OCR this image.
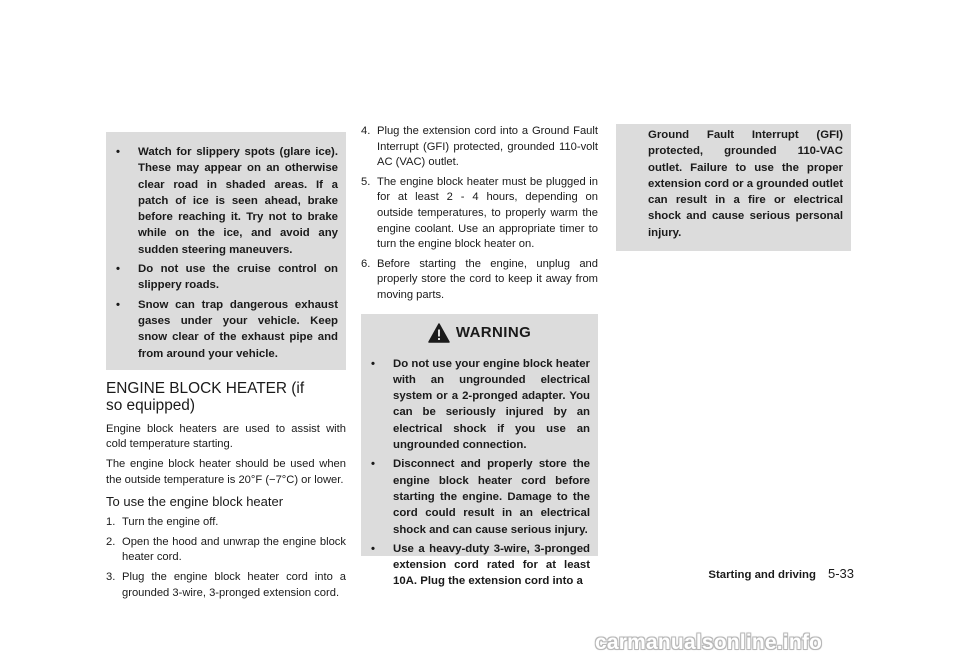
• Watch for slippery spots (glare ice). These may appear on an otherwise clear road in shaded areas. If a patch of ice is seen ahead, brake before reaching it. Try not to brake while on the ice, and avoid any sudden steering maneuvers.
• Do not use the cruise control on slippery roads.
• Snow can trap dangerous exhaust gases under your vehicle. Keep snow clear of the exhaust pipe and from around your vehicle.
ENGINE BLOCK HEATER (if so equipped)
Engine block heaters are used to assist with cold temperature starting.
The engine block heater should be used when the outside temperature is 20°F (−7°C) or lower.
To use the engine block heater
1. Turn the engine off.
2. Open the hood and unwrap the engine block heater cord.
3. Plug the engine block heater cord into a grounded 3-wire, 3-pronged extension cord.
4. Plug the extension cord into a Ground Fault Interrupt (GFI) protected, grounded 110-volt AC (VAC) outlet.
5. The engine block heater must be plugged in for at least 2 - 4 hours, depending on outside temperatures, to properly warm the engine coolant. Use an appropriate timer to turn the engine block heater on.
6. Before starting the engine, unplug and properly store the cord to keep it away from moving parts.
WARNING
• Do not use your engine block heater with an ungrounded electrical system or a 2-pronged adapter. You can be seriously injured by an electrical shock if you use an ungrounded connection.
• Disconnect and properly store the engine block heater cord before starting the engine. Damage to the cord could result in an electrical shock and can cause serious injury.
• Use a heavy-duty 3-wire, 3-pronged extension cord rated for at least 10A. Plug the extension cord into a
Ground Fault Interrupt (GFI) protected, grounded 110-VAC outlet. Failure to use the proper extension cord or a grounded outlet can result in a fire or electrical shock and cause serious personal injury.
Starting and driving 5-33
carmanualsonline.info
